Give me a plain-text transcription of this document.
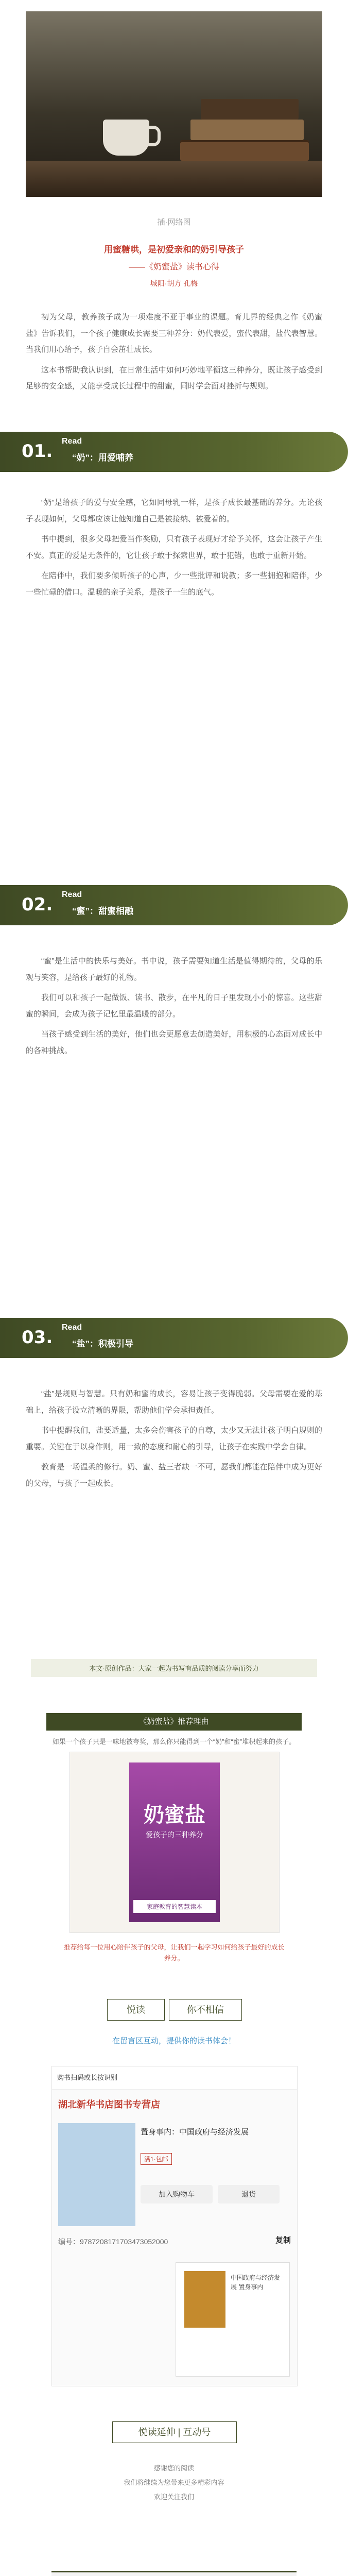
插·网络图
用蜜糖哄，是初爱亲和的奶引导孩子
——《奶蜜盐》读书心得
城阳·胡方 孔梅

初为父母，教养孩子成为一项难度不亚于事业的课题。育儿界的经典之作《奶蜜盐》告诉我们，一个孩子健康成长需要三种养分：奶代表爱，蜜代表甜，盐代表智慧。当我们用心给予，孩子自会茁壮成长。

这本书帮助我认识到，在日常生活中如何巧妙地平衡这三种养分，既让孩子感受到足够的安全感，又能享受成长过程中的甜蜜，同时学会面对挫折与规则。

01. Read
“奶”：用爱哺养

“奶”是给孩子的爱与安全感，它如同母乳一样，是孩子成长最基础的养分。无论孩子表现如何，父母都应该让他知道自己是被接纳、被爱着的。

书中提到，很多父母把爱当作奖励，只有孩子表现好才给予关怀，这会让孩子产生不安。真正的爱是无条件的，它让孩子敢于探索世界，敢于犯错，也敢于重新开始。

在陪伴中，我们要多倾听孩子的心声，少一些批评和说教；多一些拥抱和陪伴，少一些忙碌的借口。温暖的亲子关系，是孩子一生的底气。

02. Read
“蜜”：甜蜜相融

“蜜”是生活中的快乐与美好。书中说，孩子需要知道生活是值得期待的，父母的乐观与笑容，是给孩子最好的礼物。

我们可以和孩子一起做饭、读书、散步，在平凡的日子里发现小小的惊喜。这些甜蜜的瞬间，会成为孩子记忆里最温暖的部分。

当孩子感受到生活的美好，他们也会更愿意去创造美好，用积极的心态面对成长中的各种挑战。

03. Read
“盐”：积极引导

“盐”是规则与智慧。只有奶和蜜的成长，容易让孩子变得脆弱。父母需要在爱的基础上，给孩子设立清晰的界限，帮助他们学会承担责任。

书中提醒我们，盐要适量，太多会伤害孩子的自尊，太少又无法让孩子明白规则的重要。关键在于以身作则，用一致的态度和耐心的引导，让孩子在实践中学会自律。

教育是一场温柔的修行。奶、蜜、盐三者缺一不可，愿我们都能在陪伴中成为更好的父母，与孩子一起成长。

本文·原创作品：大家一起为书写有品质的阅读分享而努力
《奶蜜盐》推荐理由
如果一个孩子只是一味地被夸奖，那么你只能得到一个“奶”和“蜜”堆积起来的孩子。
奶蜜盐
爱孩子的三种养分
家庭教育的智慧读本
推荐给每一位用心陪伴孩子的父母，让我们一起学习如何给孩子最好的成长养分。
悦读	你不相信
在留言区互动，提供你的读书体会！
购书扫码或长按识别
湖北新华书店图书专营店
置身事内：中国政府与经济发展
满1·包邮
加入购物车	退货
编号：9787208171703473052000	复制
中国政府与经济发展 置身事内
悦读延伸 | 互动号
感谢您的阅读
我们将继续为您带来更多精彩内容
欢迎关注我们
